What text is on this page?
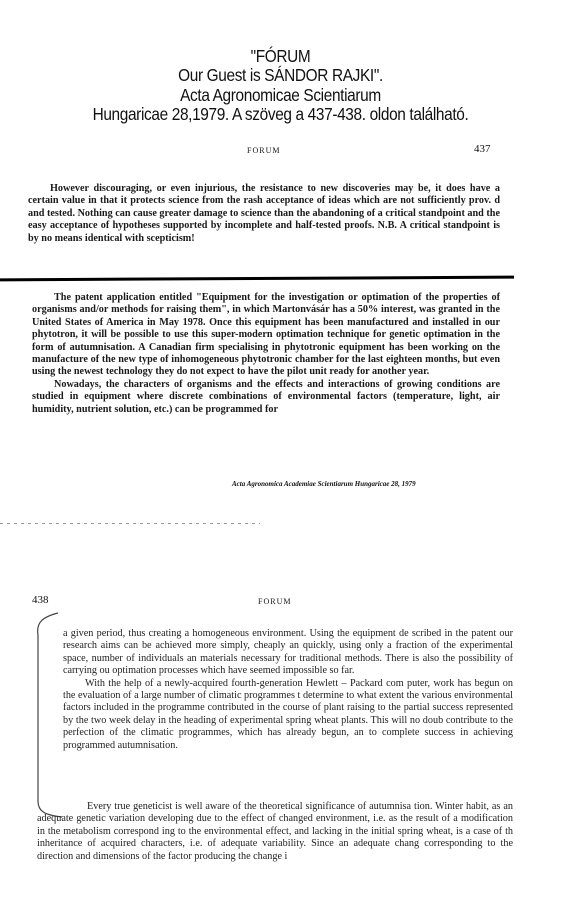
"FÓRUM
Our Guest is SÁNDOR RAJKI".
Acta Agronomicae Scientiarum
Hungaricae 28,1979. A szöveg a 437-438. oldon található.
FORUM	437

However discouraging, or even injurious, the resistance to new discoveries may be, it does have a certain value in that it protects science from the rash acceptance of ideas which are not sufficiently prov. d and tested. Nothing can cause greater damage to science than the abandoning of a critical standpoint and the easy acceptance of hypotheses supported by incomplete and half-tested proofs. N.B. A critical standpoint is by no means identical with scepticism!

The patent application entitled "Equipment for the investigation or optimation of the properties of organisms and/or methods for raising them", in which Martonvásár has a 50% interest, was granted in the United States of America in May 1978. Once this equipment has been manufactured and installed in our phytotron, it will be possible to use this super-modern optimation technique for genetic optimation in the form of autumnisation. A Canadian firm specialising in phytotronic equipment has been working on the manufacture of the new type of inhomogeneous phytotronic chamber for the last eighteen months, but even using the newest technology they do not expect to have the pilot unit ready for another year.

Nowadays, the characters of organisms and the effects and interactions of growing conditions are studied in equipment where discrete combinations of environmental factors (temperature, light, air humidity, nutrient solution, etc.) can be programmed for

Acta Agronomica Academiae Scientiarum Hungaricae 28, 1979
438	FORUM

a given period, thus creating a homogeneous environment. Using the equipment de scribed in the patent our research aims can be achieved more simply, cheaply an quickly, using only a fraction of the experimental space, number of individuals an materials necessary for traditional methods. There is also the possibility of carrying ou optimation processes which have seemed impossible so far.

With the help of a newly-acquired fourth-generation Hewlett – Packard com puter, work has begun on the evaluation of a large number of climatic programmes t determine to what extent the various environmental factors included in the programme contributed in the course of plant raising to the partial success represented by the two week delay in the heading of experimental spring wheat plants. This will no doub contribute to the perfection of the climatic programmes, which has already begun, an to complete success in achieving programmed autumnisation.

Every true geneticist is well aware of the theoretical significance of autumnisa tion. Winter habit, as an adequate genetic variation developing due to the effect of changed environment, i.e. as the result of a modification in the metabolism correspond ing to the environmental effect, and lacking in the initial spring wheat, is a case of th inheritance of acquired characters, i.e. of adequate variability. Since an adequate chang corresponding to the direction and dimensions of the factor producing the change i
